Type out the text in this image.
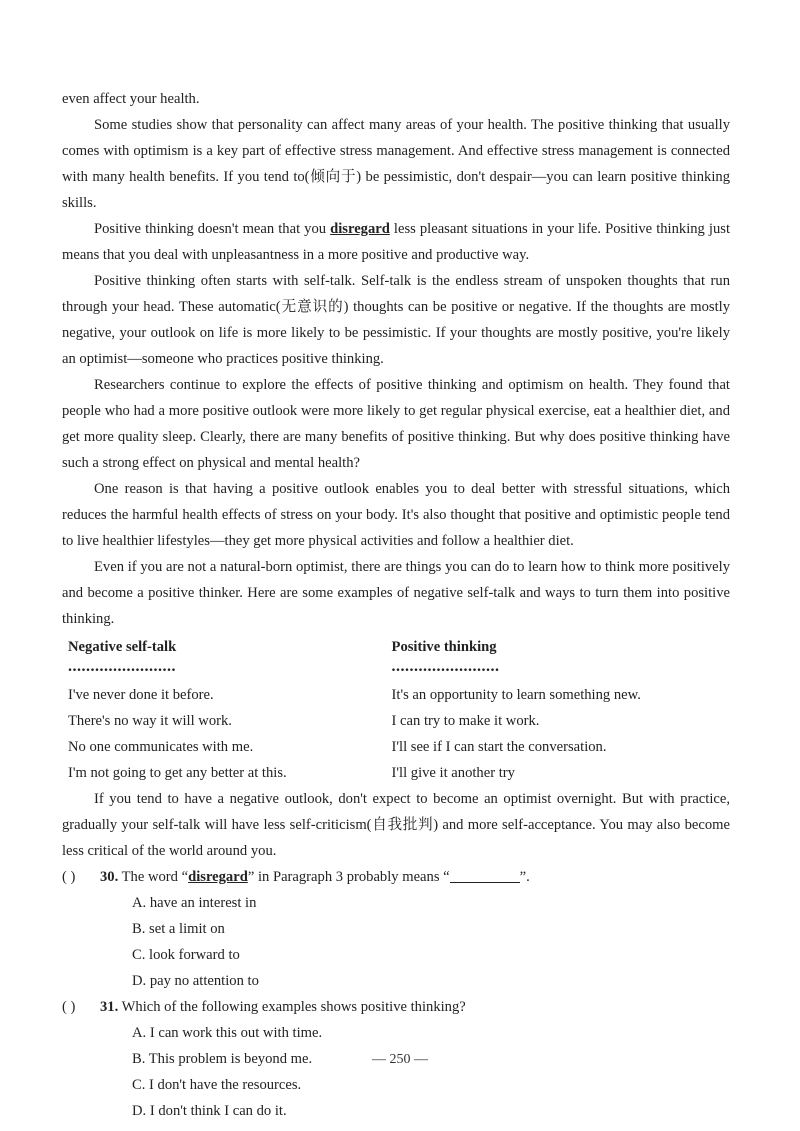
even affect your health.

Some studies show that personality can affect many areas of your health. The positive thinking that usually comes with optimism is a key part of effective stress management. And effective stress management is connected with many health benefits. If you tend to(倾向于) be pessimistic, don't despair—you can learn positive thinking skills.

Positive thinking doesn't mean that you disregard less pleasant situations in your life. Positive thinking just means that you deal with unpleasantness in a more positive and productive way.

Positive thinking often starts with self-talk. Self-talk is the endless stream of unspoken thoughts that run through your head. These automatic(无意识的) thoughts can be positive or negative. If the thoughts are mostly negative, your outlook on life is more likely to be pessimistic. If your thoughts are mostly positive, you're likely an optimist—someone who practices positive thinking.

Researchers continue to explore the effects of positive thinking and optimism on health. They found that people who had a more positive outlook were more likely to get regular physical exercise, eat a healthier diet, and get more quality sleep. Clearly, there are many benefits of positive thinking. But why does positive thinking have such a strong effect on physical and mental health?

One reason is that having a positive outlook enables you to deal better with stressful situations, which reduces the harmful health effects of stress on your body. It's also thought that positive and optimistic people tend to live healthier lifestyles—they get more physical activities and follow a healthier diet.

Even if you are not a natural-born optimist, there are things you can do to learn how to think more positively and become a positive thinker. Here are some examples of negative self-talk and ways to turn them into positive thinking.

Negative self-talk	Positive thinking
........................	........................
I've never done it before.	It's an opportunity to learn something new.
There's no way it will work.	I can try to make it work.
No one communicates with me.	I'll see if I can start the conversation.
I'm not going to get any better at this.	I'll give it another try

If you tend to have a negative outlook, don't expect to become an optimist overnight. But with practice, gradually your self-talk will have less self-criticism(自我批判) and more self-acceptance. You may also become less critical of the world around you.

( ) 30. The word “disregard” in Paragraph 3 probably means “	”.
A. have an interest in
B. set a limit on
C. look forward to
D. pay no attention to
( ) 31. Which of the following examples shows positive thinking?
A. I can work this out with time.
B. This problem is beyond me.
C. I don't have the resources.
D. I don't think I can do it.
— 250 —
